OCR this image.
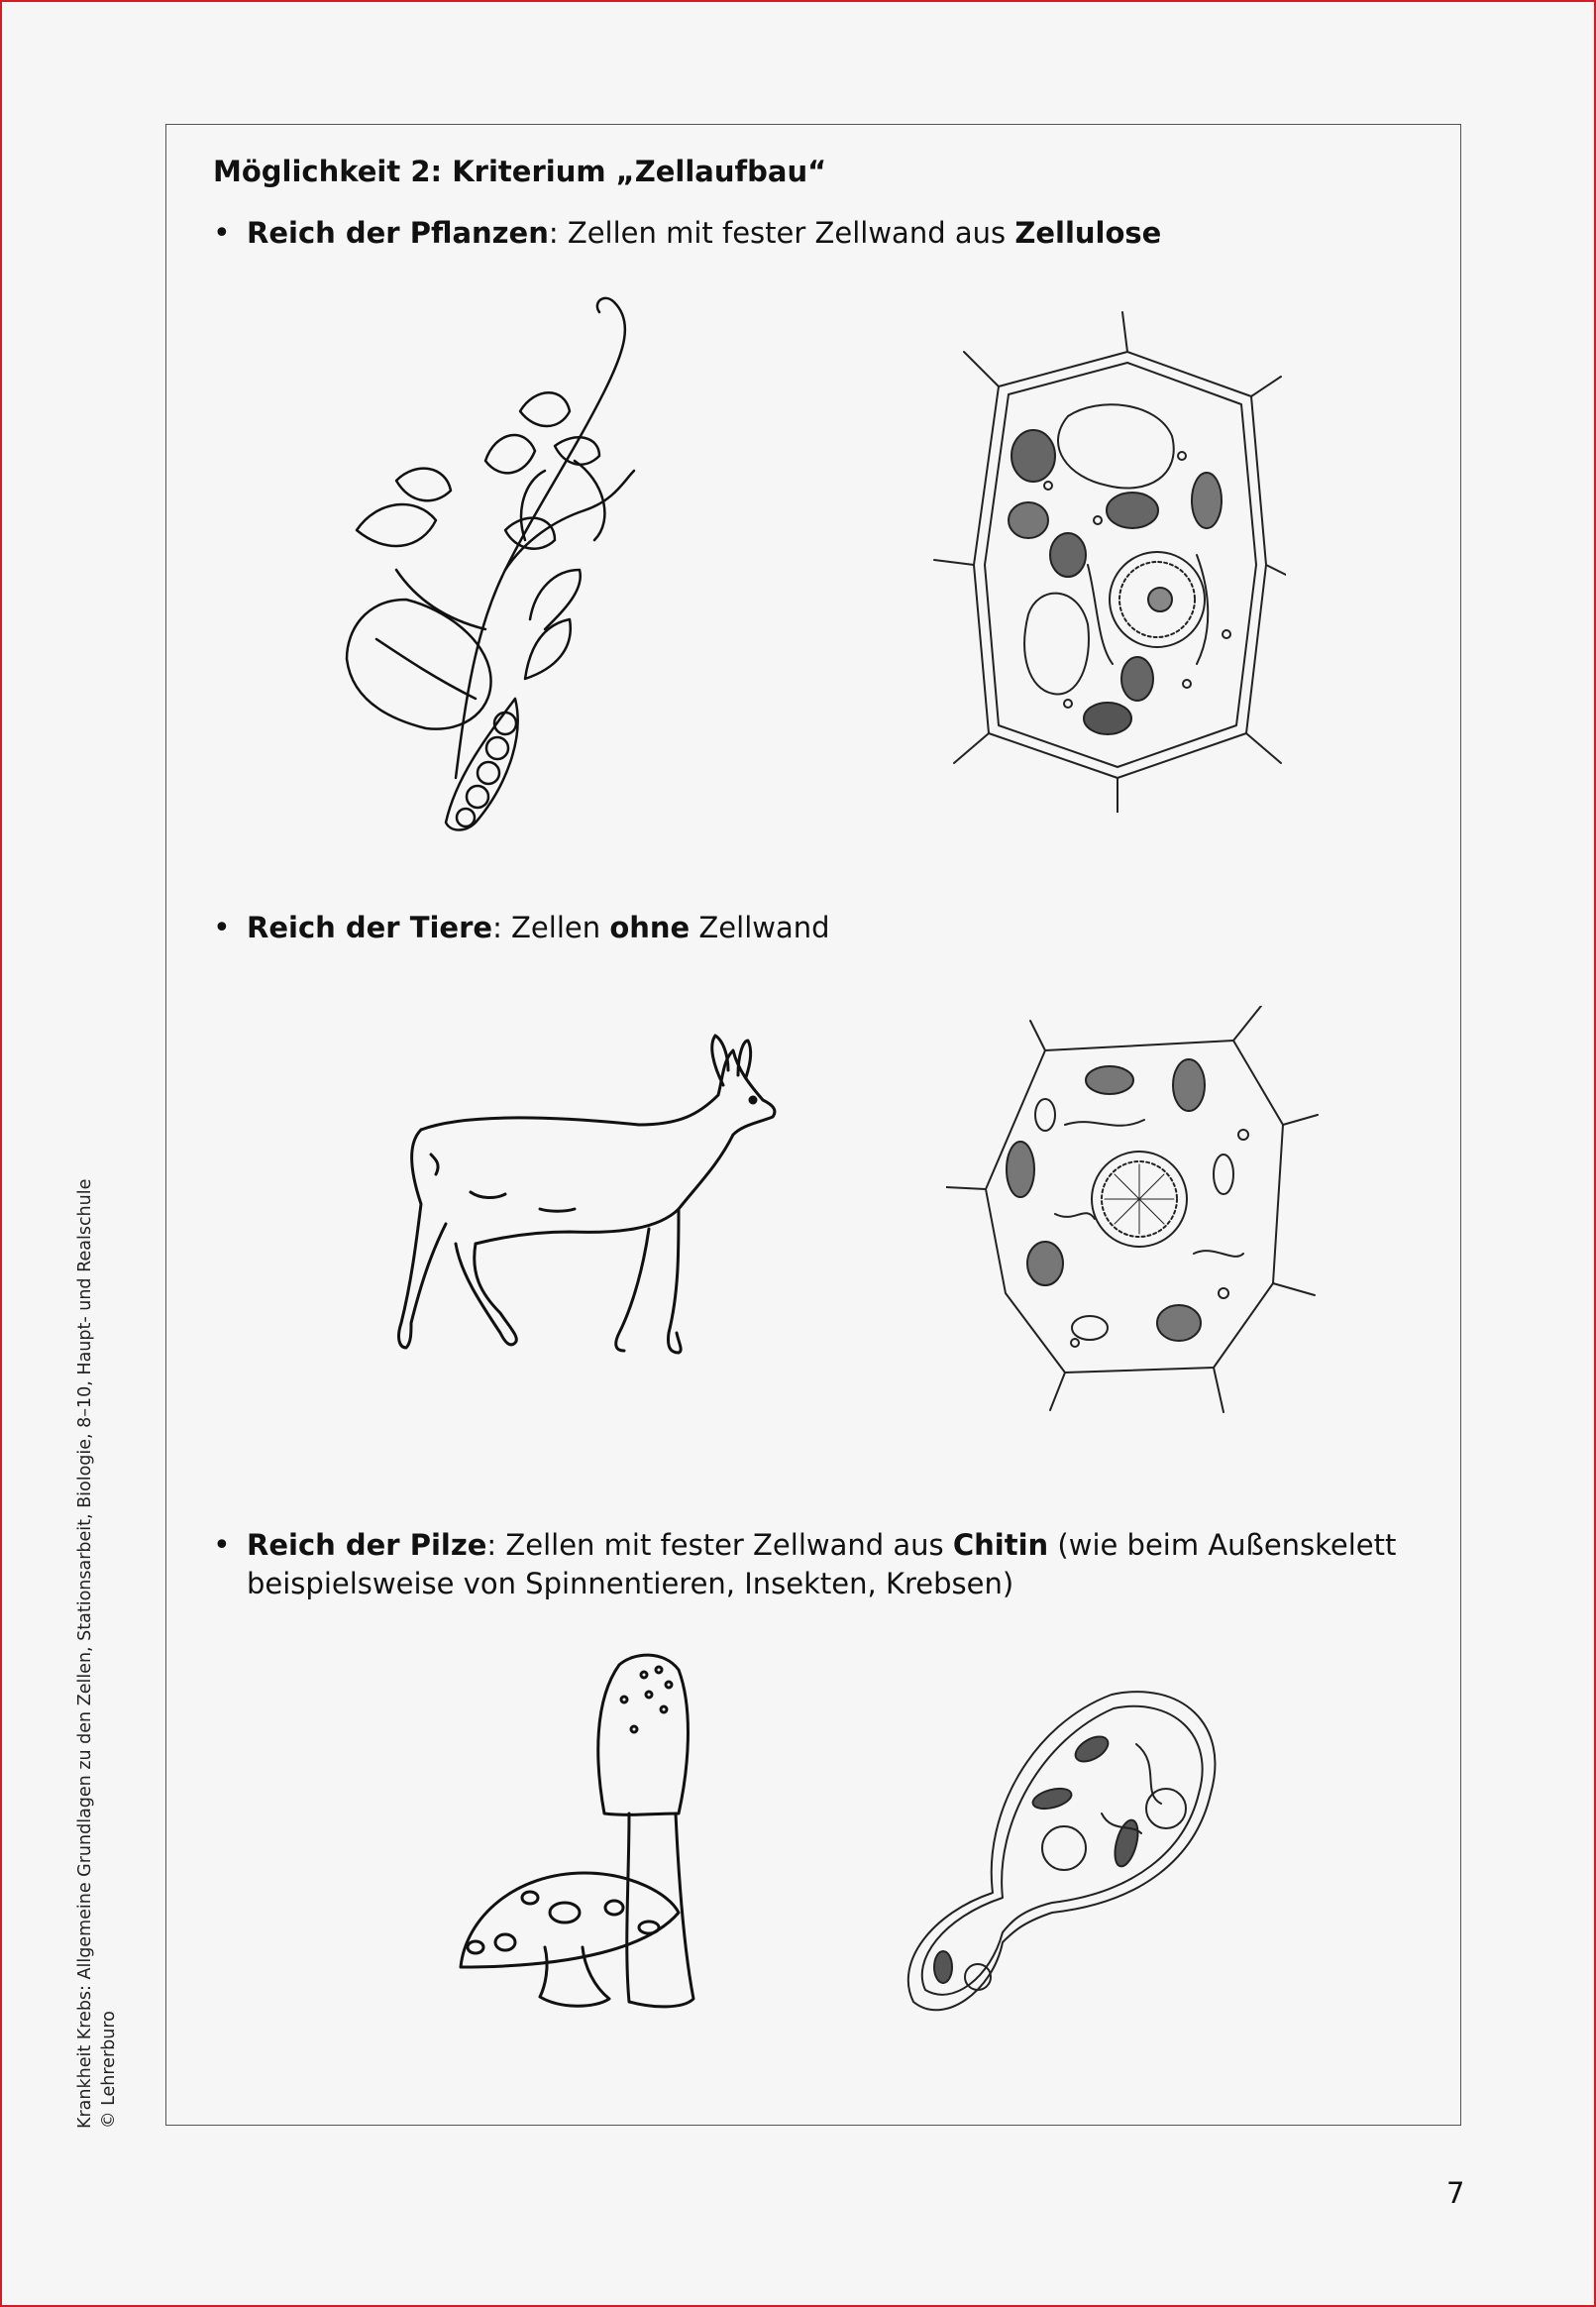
Möglichkeit 2: Kriterium „Zellaufbau“
• Reich der Pflanzen: Zellen mit fester Zellwand aus Zellulose
• Reich der Tiere: Zellen ohne Zellwand
• Reich der Pilze: Zellen mit fester Zellwand aus Chitin (wie beim Außenskelett beispielsweise von Spinnentieren, Insekten, Krebsen)
Krankheit Krebs: Allgemeine Grundlagen zu den Zellen, Stationsarbeit, Biologie, 8–10, Haupt- und Realschule © Lehrerburo
7
